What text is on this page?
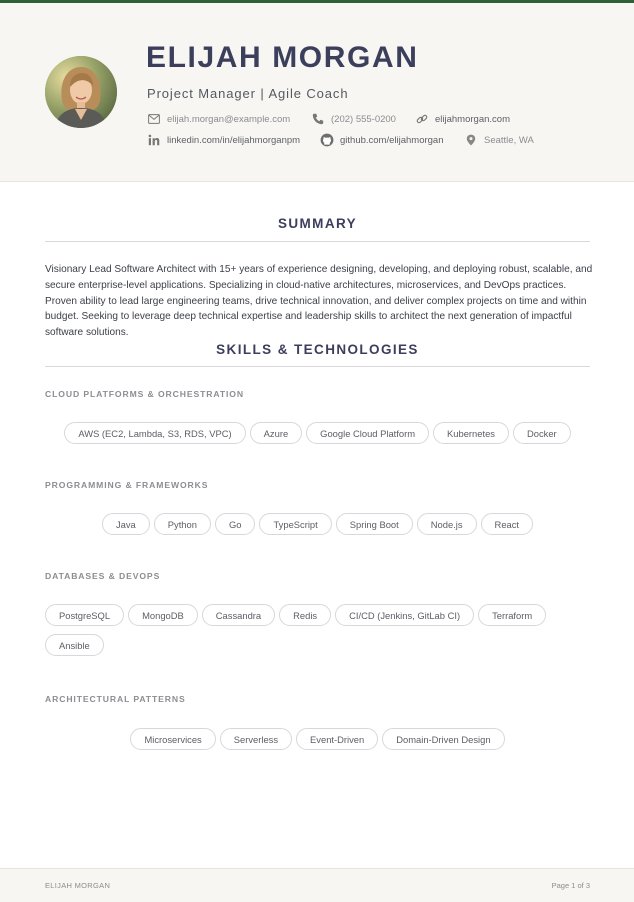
ELIJAH MORGAN
Project Manager | Agile Coach
elijah.morgan@example.com	(202) 555-0200	elijahmorgan.com
linkedin.com/in/elijahmorganpm	github.com/elijahmorgan	Seattle, WA
SUMMARY
Visionary Lead Software Architect with 15+ years of experience designing, developing, and deploying robust, scalable, and secure enterprise-level applications. Specializing in cloud-native architectures, microservices, and DevOps practices. Proven ability to lead large engineering teams, drive technical innovation, and deliver complex projects on time and within budget. Seeking to leverage deep technical expertise and leadership skills to architect the next generation of impactful software solutions.
SKILLS & TECHNOLOGIES
CLOUD PLATFORMS & ORCHESTRATION
AWS (EC2, Lambda, S3, RDS, VPC)	Azure	Google Cloud Platform	Kubernetes	Docker
PROGRAMMING & FRAMEWORKS
Java	Python	Go	TypeScript	Spring Boot	Node.js	React
DATABASES & DEVOPS
PostgreSQL	MongoDB	Cassandra	Redis	CI/CD (Jenkins, GitLab CI)	Terraform
Ansible
ARCHITECTURAL PATTERNS
Microservices	Serverless	Event-Driven	Domain-Driven Design
ELIJAH MORGAN	Page 1 of 3
